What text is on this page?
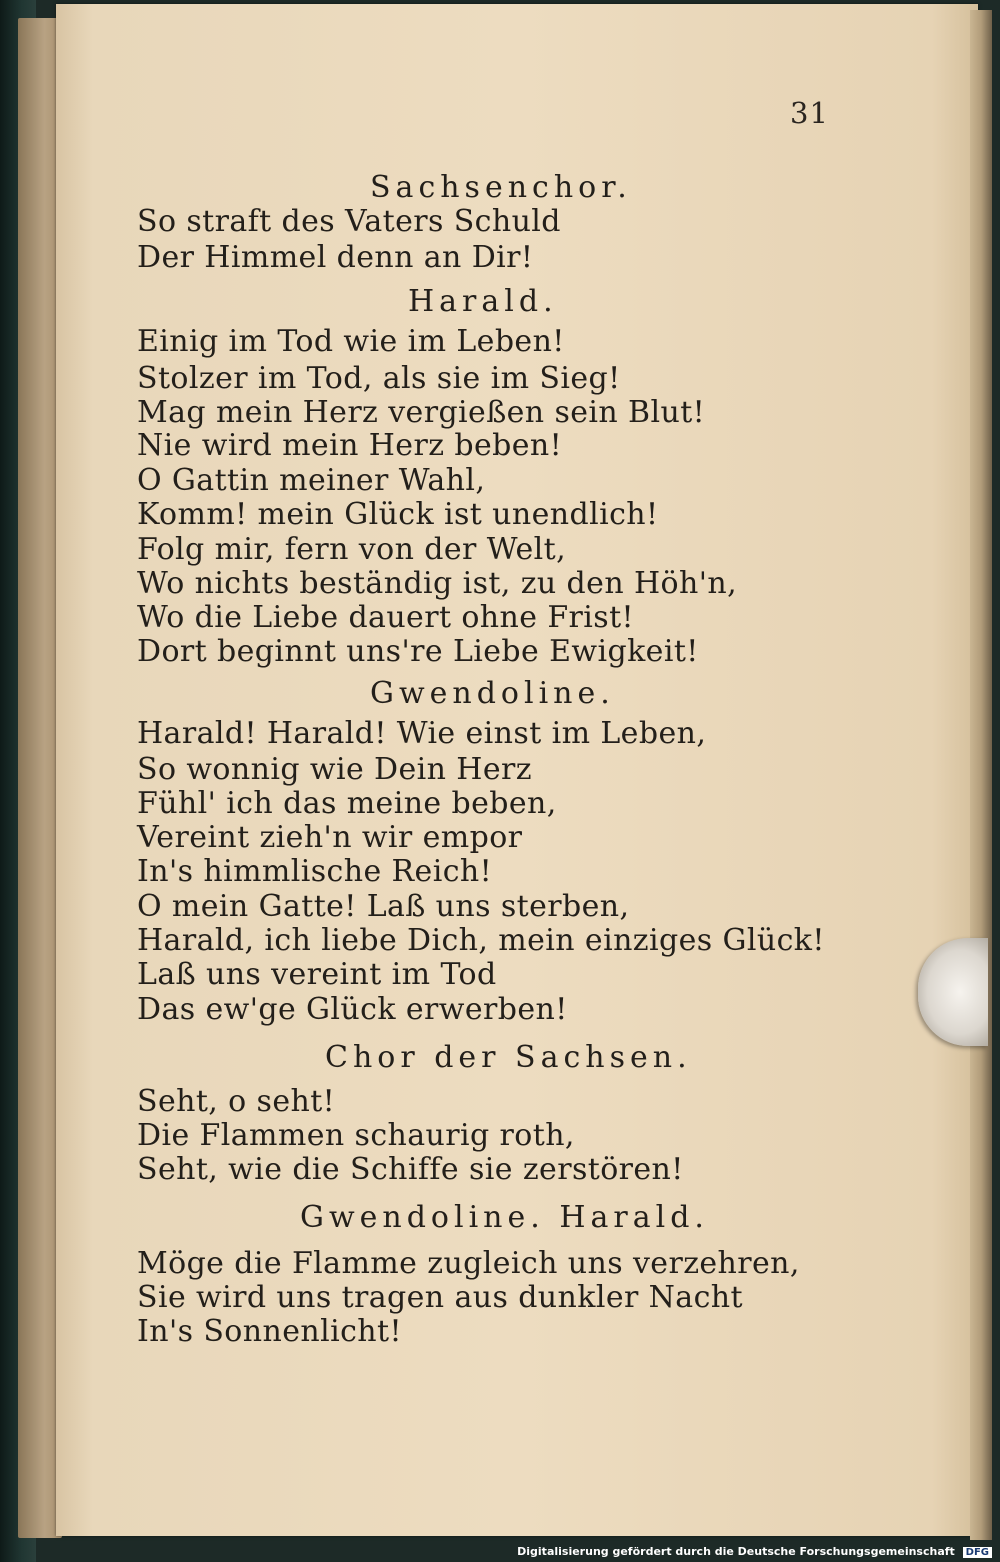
31
Sachsenchor.
So straft des Vaters Schuld
Der Himmel denn an Dir!
Harald.
Einig im Tod wie im Leben!
Stolzer im Tod, als sie im Sieg!
Mag mein Herz vergießen sein Blut!
Nie wird mein Herz beben!
O Gattin meiner Wahl,
Komm! mein Glück ist unendlich!
Folg mir, fern von der Welt,
Wo nichts beständig ist, zu den Höh'n,
Wo die Liebe dauert ohne Frist!
Dort beginnt uns're Liebe Ewigkeit!
Gwendoline.
Harald! Harald! Wie einst im Leben,
So wonnig wie Dein Herz
Fühl' ich das meine beben,
Vereint zieh'n wir empor
In's himmlische Reich!
O mein Gatte! Laß uns sterben,
Harald, ich liebe Dich, mein einziges Glück!
Laß uns vereint im Tod
Das ew'ge Glück erwerben!
Chor der Sachsen.
Seht, o seht!
Die Flammen schaurig roth,
Seht, wie die Schiffe sie zerstören!
Gwendoline. Harald.
Möge die Flamme zugleich uns verzehren,
Sie wird uns tragen aus dunkler Nacht
In's Sonnenlicht!
Digitalisierung gefördert durch die Deutsche Forschungsgemeinschaft DFG
